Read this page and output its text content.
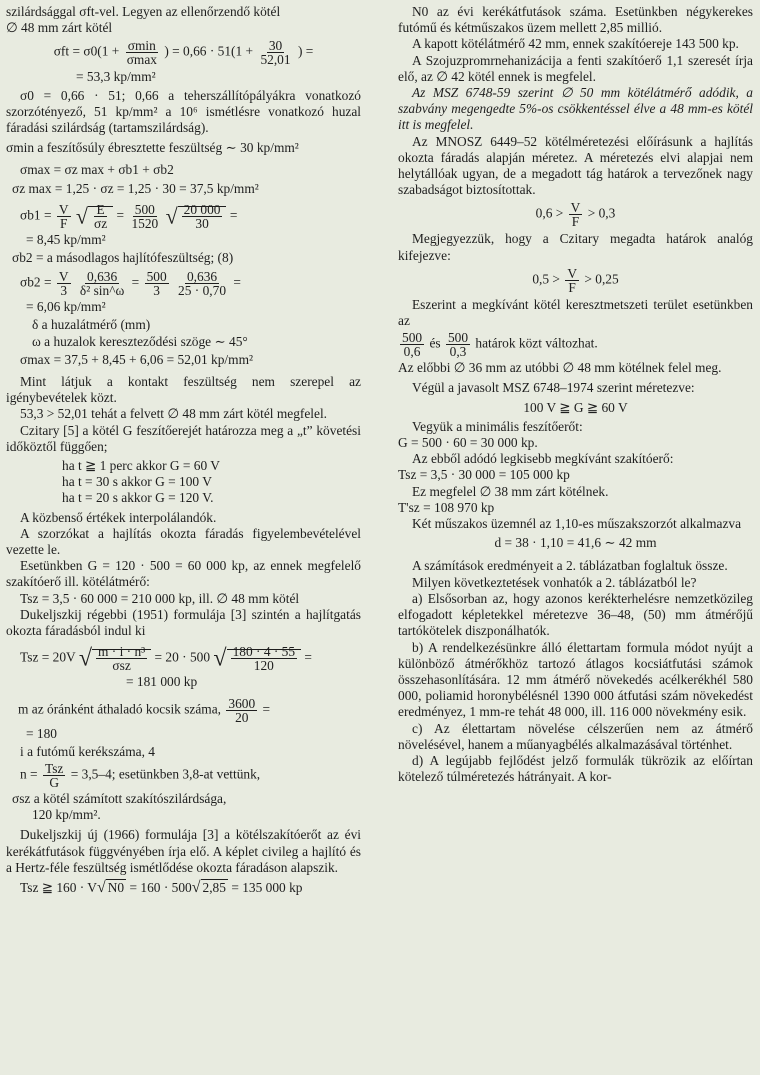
szilárdsággal σft-vel. Legyen az ellenőrzendő kötél

∅ 48 mm zárt kötél

$\sigma ft = \sigma 0(1 + \frac{\sigma\min}{\sigma\max}$ ) = $0,66 \cdot 51(1 + \frac{30}{52,01}$ ) =
= 53,3 kp/mm²

σ0 = 0,66 · 51; 0,66 a teherszállítópályákra vonatkozó szorzótényező, 51 kp/mm² a 10⁶ ismétlésre vonatkozó huzal fáradási szilárdság (tartamszilárdság).

σmin a feszítősúly ébresztette feszültség ∼ 30 kp/mm²

σmax = σz max + σb1 + σb2
σz max = 1,25 · σz = 1,25 · 30 = 37,5 kp/mm²
$\sigma b1 = \frac{V}{F}$ √ $\frac{E}{\sigma z} = \frac{500}{1520}$ √ $\frac{20 000}{30}$ =
= 8,45 kp/mm²

σb2 = a másodlagos hajlítófeszültség; (8)

$\sigma b2 = \frac{V}{3}$
$\frac{0,636}{\text{δ² sin\textasciicircum{}ω}} = \frac{500}{3}$
$\frac{0,636}{25 \cdot 0,70}$ =
= 6,06 kp/mm²

δ a huzalátmérő (mm)

ω a huzalok kereszteződési szöge ∼ 45°

σmax = 37,5 + 8,45 + 6,06 = 52,01 kp/mm²

Mint látjuk a kontakt feszültség nem szerepel az igénybevételek közt.

53,3 > 52,01 tehát a felvett ∅ 48 mm zárt kötél megfelel.

Czitary [5] a kötél G feszítőerejét határozza meg a „t” követési időköztől függően;

ha t ≧ 1 perc akkor G = 60 V
ha t = 30 s akkor G = 100 V
ha t = 20 s akkor G = 120 V.

A közbenső értékek interpolálandók.

A szorzókat a hajlítás okozta fáradás figyelembevételével vezette le.

Esetünkben G = 120 · 500 = 60 000 kp, az ennek megfelelő szakítóerő ill. kötélátmérő:

Tsz = 3,5 · 60 000 = 210 000 kp, ill. ∅ 48 mm kötél

Dukeljszkij régebbi (1951) formulája [3] szintén a hajlítgatás okozta fáradásból indul ki

Tsz = 20V √ $\frac{\text{m · i · n³}}{\text{σsz}} = 20 \cdot 500$ √ $\frac{180 \cdot 4 \cdot 55}{120}$ =
= 181 000 kp
m az óránként áthaladó kocsik száma, $\frac{3600}{20}$ =
= 180

i a futómű kerékszáma, 4

$n = \frac{\text{Tsz}}{G} = 3,5-4$; esetünkben 3,8-at vettünk,

σsz a kötél számított szakítószilárdsága,

120 kp/mm².

Dukeljszkij új (1966) formulája [3] a kötélszakítóerőt az évi kerékátfutások függvényében írja elő. A képlet civileg a hajlító és a Hertz-féle feszültség ismétlődése okozta fáradáson alapszik.

Tsz ≧ 160 · V√ N0 = 160 · 500√ 2,85 = 135 000 kp

N0 az évi kerékátfutások száma. Esetünkben négykerekes futómű és kétműszakos üzem mellett 2,85 millió.

A kapott kötélátmérő 42 mm, ennek szakítóereje 143 500 kp.

A Szojuzpromrnehanizácija a fenti szakítóerő 1,1 szeresét írja elő, az ∅ 42 kötél ennek is megfelel.

Az MSZ 6748-59 szerint ∅ 50 mm kötélátmérő adódik, a szabvány megengedte 5%-os csökkentéssel élve a 48 mm-es kötél itt is megfelel.

Az MNOSZ 6449–52 kötélméretezési előírásunk a hajlítás okozta fáradás alapján méretez. A méretezés elvi alapjai nem helytállóak ugyan, de a megadott tág határok a tervezőnek nagy szabadságot biztosítottak.

$0,6 > \frac{V}{F} > 0,3$

Megjegyezzük, hogy a Czitary megadta határok analóg kifejezve:

$0,5 > \frac{V}{F} > 0,25$

Eszerint a megkívánt kötél keresztmetszeti terület esetünkben az

$\frac{500}{0,6}$ és $\frac{500}{0,3}$ határok közt változhat.

Az előbbi ∅ 36 mm az utóbbi ∅ 48 mm kötélnek felel meg.

Végül a javasolt MSZ 6748–1974 szerint méretezve:

100 V ≧ G ≧ 60 V

Vegyük a minimális feszítőerőt:

G = 500 · 60 = 30 000 kp.

Az ebből adódó legkisebb megkívánt szakítóerő:

Tsz = 3,5 · 30 000 = 105 000 kp

Ez megfelel ∅ 38 mm zárt kötélnek.

T'sz = 108 970 kp

Két műszakos üzemnél az 1,10-es műszakszorzót alkalmazva

d = 38 · 1,10 = 41,6 ∼ 42 mm

A számítások eredményeit a 2. táblázatban foglaltuk össze.

Milyen következtetések vonhatók a 2. táblázatból le?

a) Elsősorban az, hogy azonos kerékterhelésre nemzetközileg elfogadott képletekkel méretezve 36–48, (50) mm átmérőjű tartókötelek diszponálhatók.

b) A rendelkezésünkre álló élettartam formula módot nyújt a különböző átmérőkhöz tartozó átlagos kocsiátfutási számok összehasonlítására. 12 mm átmérő növekedés acélkerékhél 580 000, poliamid horonybélésnél 1390 000 átfutási szám növekedést eredményez, 1 mm-re tehát 48 000, ill. 116 000 növekmény esik.

c) Az élettartam növelése célszerűen nem az átmérő növelésével, hanem a műanyagbélés alkalmazásával történhet.

d) A legújabb fejlődést jelző formulák tükrözik az előírtan kötelező túlméretezés hátrányait. A kor-
